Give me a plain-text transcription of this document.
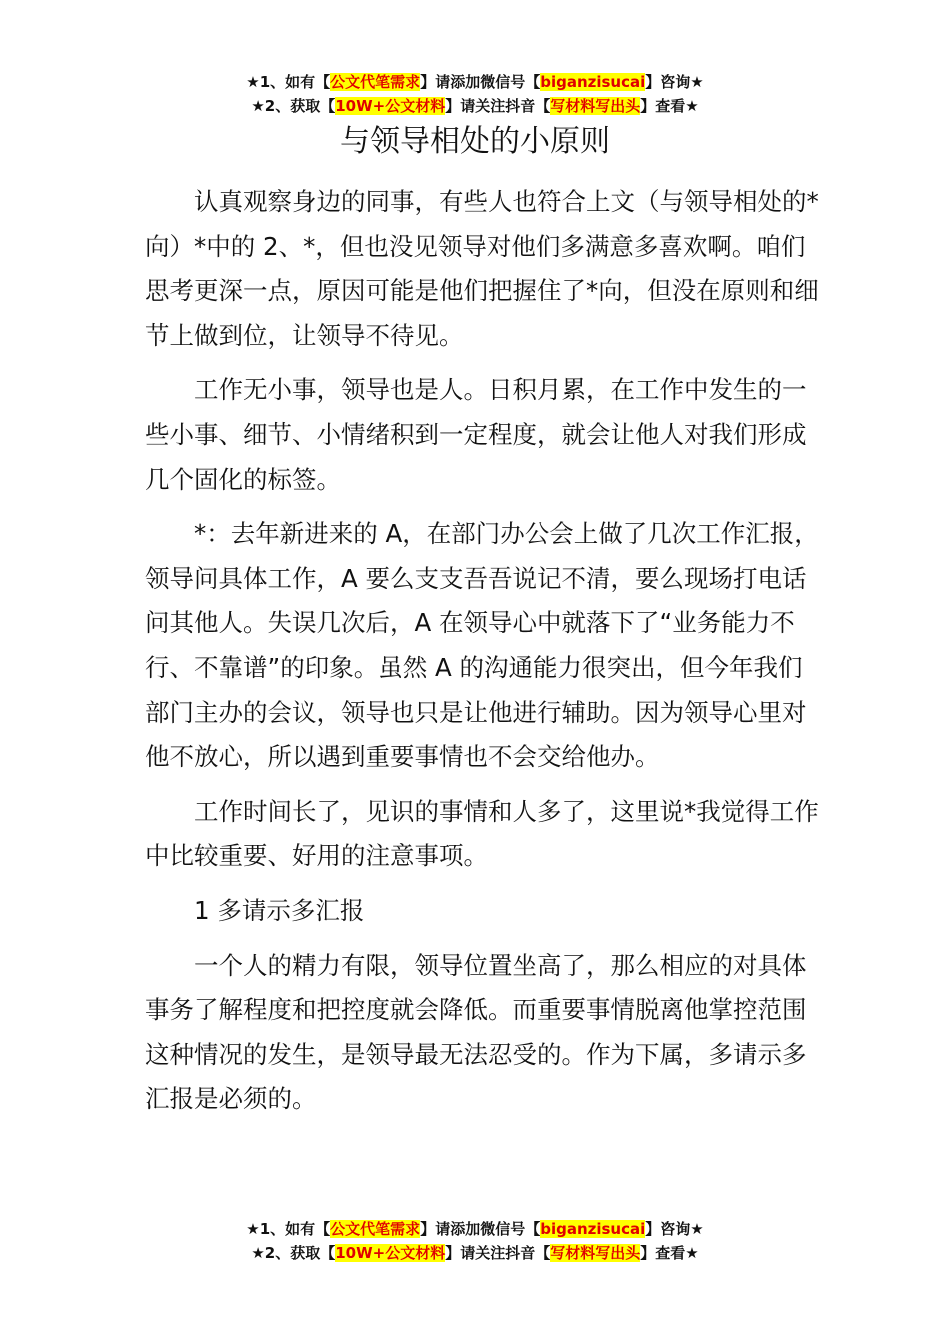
★1、如有【公文代笔需求】请添加微信号【biganzisucai】咨询★
★2、获取【10W+公文材料】请关注抖音【写材料写出头】查看★
与领导相处的小原则

认真观察身边的同事，有些人也符合上文（与领导相处的*向）*中的 2、*，但也没见领导对他们多满意多喜欢啊。咱们思考更深一点，原因可能是他们把握住了*向，但没在原则和细节上做到位，让领导不待见。

工作无小事，领导也是人。日积月累，在工作中发生的一些小事、细节、小情绪积到一定程度，就会让他人对我们形成几个固化的标签。

*：去年新进来的 A，在部门办公会上做了几次工作汇报，领导问具体工作，A 要么支支吾吾说记不清，要么现场打电话问其他人。失误几次后，A 在领导心中就落下了“业务能力不行、不靠谱”的印象。虽然 A 的沟通能力很突出，但今年我们部门主办的会议，领导也只是让他进行辅助。因为领导心里对他不放心，所以遇到重要事情也不会交给他办。

工作时间长了，见识的事情和人多了，这里说*我觉得工作中比较重要、好用的注意事项。

1 多请示多汇报

一个人的精力有限，领导位置坐高了，那么相应的对具体事务了解程度和把控度就会降低。而重要事情脱离他掌控范围这种情况的发生，是领导最无法忍受的。作为下属，多请示多汇报是必须的。

★1、如有【公文代笔需求】请添加微信号【biganzisucai】咨询★
★2、获取【10W+公文材料】请关注抖音【写材料写出头】查看★
